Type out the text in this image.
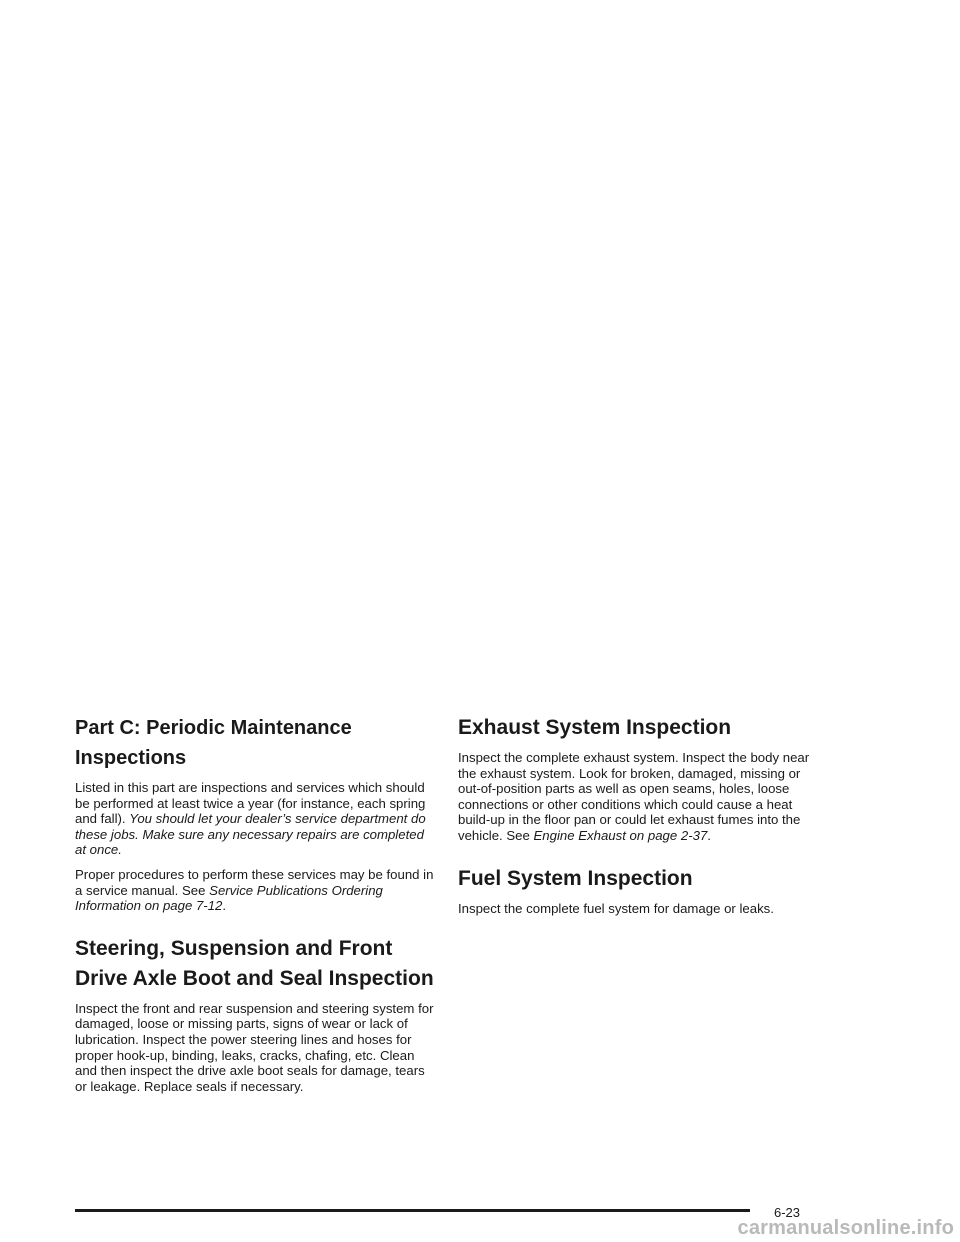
Part C: Periodic Maintenance Inspections

Listed in this part are inspections and services which should be performed at least twice a year (for instance, each spring and fall). You should let your dealer’s service department do these jobs. Make sure any necessary repairs are completed at once.

Proper procedures to perform these services may be found in a service manual. See Service Publications Ordering Information on page 7-12.

Steering, Suspension and Front Drive Axle Boot and Seal Inspection

Inspect the front and rear suspension and steering system for damaged, loose or missing parts, signs of wear or lack of lubrication. Inspect the power steering lines and hoses for proper hook-up, binding, leaks, cracks, chafing, etc. Clean and then inspect the drive axle boot seals for damage, tears or leakage. Replace seals if necessary.

Exhaust System Inspection

Inspect the complete exhaust system. Inspect the body near the exhaust system. Look for broken, damaged, missing or out-of-position parts as well as open seams, holes, loose connections or other conditions which could cause a heat build-up in the floor pan or could let exhaust fumes into the vehicle. See Engine Exhaust on page 2-37.

Fuel System Inspection

Inspect the complete fuel system for damage or leaks.

6-23
carmanualsonline.info
